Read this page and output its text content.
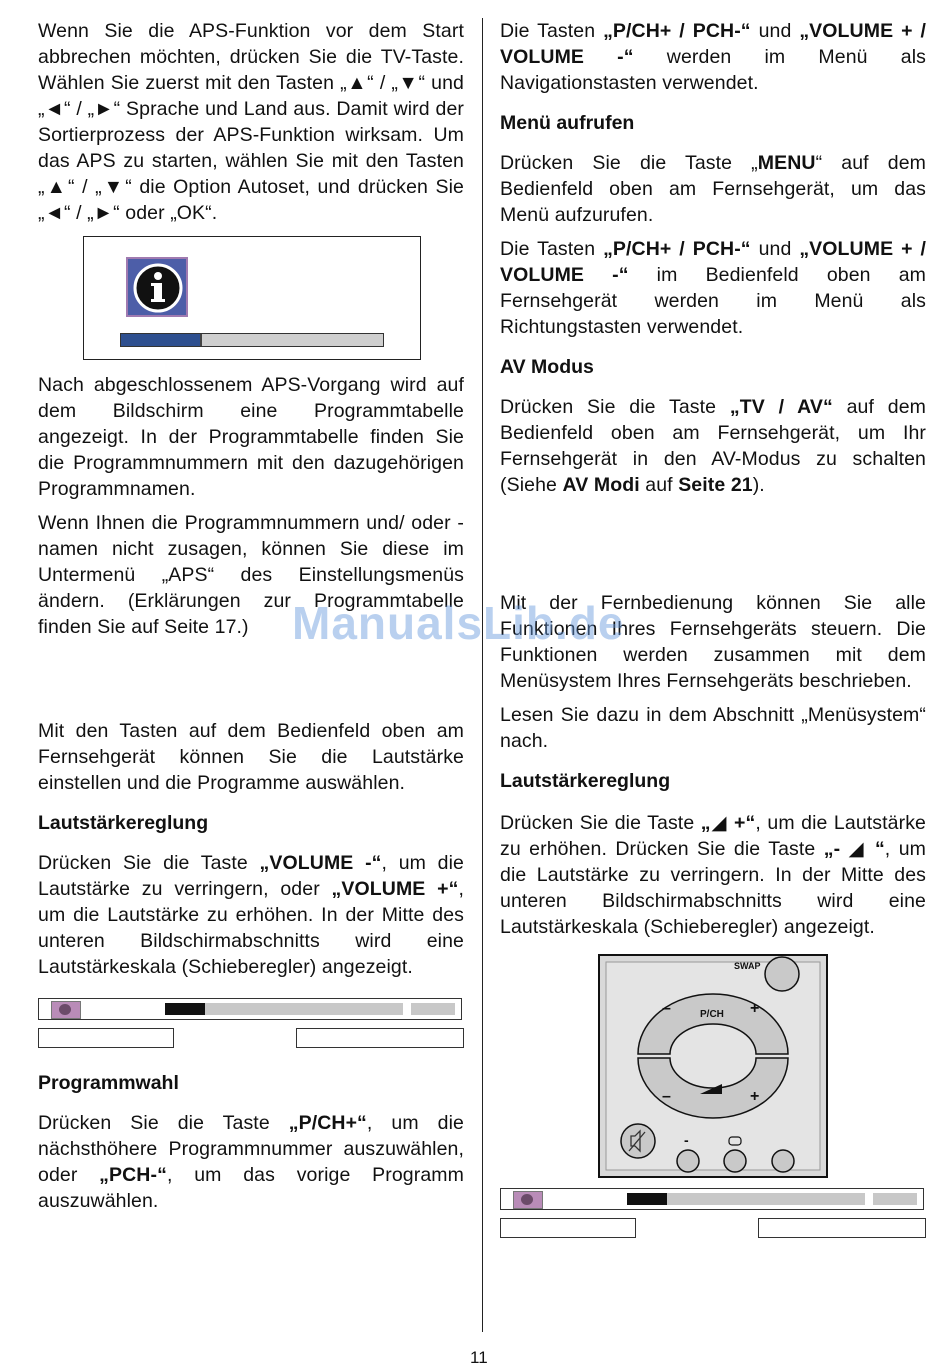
Wenn Sie die APS-Funktion vor dem Start abbrechen möchten, drücken Sie die TV-Taste. Wählen Sie zuerst mit den Tasten „▲“ / „▼“ und „◄“ / „►“ Sprache und Land aus. Damit wird der Sortierprozess der APS-Funktion wirksam. Um das APS zu starten, wählen Sie mit den Tasten „▲“ / „▼“ die Option Autoset, und drücken Sie „◄“ / „►“ oder „OK“.

Nach abgeschlossenem APS-Vorgang wird auf dem Bildschirm eine Programmtabelle angezeigt. In der Programmtabelle finden Sie die Programmnummern mit den dazugehörigen Programmnamen.

Wenn Ihnen die Programmnummern und/ oder -namen nicht zusagen, können Sie diese im Untermenü „APS“ des Einstellungsmenüs ändern. (Erklärungen zur Programmtabelle finden Sie auf Seite 17.)

Mit den Tasten auf dem Bedienfeld oben am Fernsehgerät können Sie die Lautstärke einstellen und die Programme auswählen.

Lautstärkereglung

Drücken Sie die Taste „VOLUME -“, um die Lautstärke zu verringern, oder „VOLUME +“, um die Lautstärke zu erhöhen. In der Mitte des unteren Bildschirmabschnitts wird eine Lautstärkeskala (Schieberegler) angezeigt.

Programmwahl

Drücken Sie die Taste „P/CH+“, um die nächsthöhere Programmnummer auszuwählen, oder „PCH-“, um das vorige Programm auszuwählen.

Die Tasten „P/CH+ / PCH-“ und „VOLUME + / VOLUME -“ werden im Menü als Navigationstasten verwendet.

Menü aufrufen

Drücken Sie die Taste „MENU“ auf dem Bedienfeld oben am Fernsehgerät, um das Menü aufzurufen.

Die Tasten „P/CH+ / PCH-“ und „VOLUME + / VOLUME -“ im Bedienfeld oben am Fernsehgerät werden im Menü als Richtungstasten verwendet.

AV Modus

Drücken Sie die Taste „TV / AV“ auf dem Bedienfeld oben am Fernsehgerät, um Ihr Fernsehgerät in den AV-Modus zu schalten (Siehe AV Modi auf Seite 21).

Mit der Fernbedienung können Sie alle Funktionen Ihres Fernsehgeräts steuern. Die Funktionen werden zusammen mit dem Menüsystem Ihres Fernsehgeräts beschrieben.

Lesen Sie dazu in dem Abschnitt „Menüsystem“ nach.

Lautstärkereglung

Drücken Sie die Taste „◢ +“, um die Lautstärke zu erhöhen. Drücken Sie die Taste „- ◢ “, um die Lautstärke zu verringern. In der Mitte des unteren Bildschirmabschnitts wird eine Lautstärkeskala (Schieberegler) angezeigt.

SWAP
P/CH
–	+
–	+
-
ManualsLib.de
11
